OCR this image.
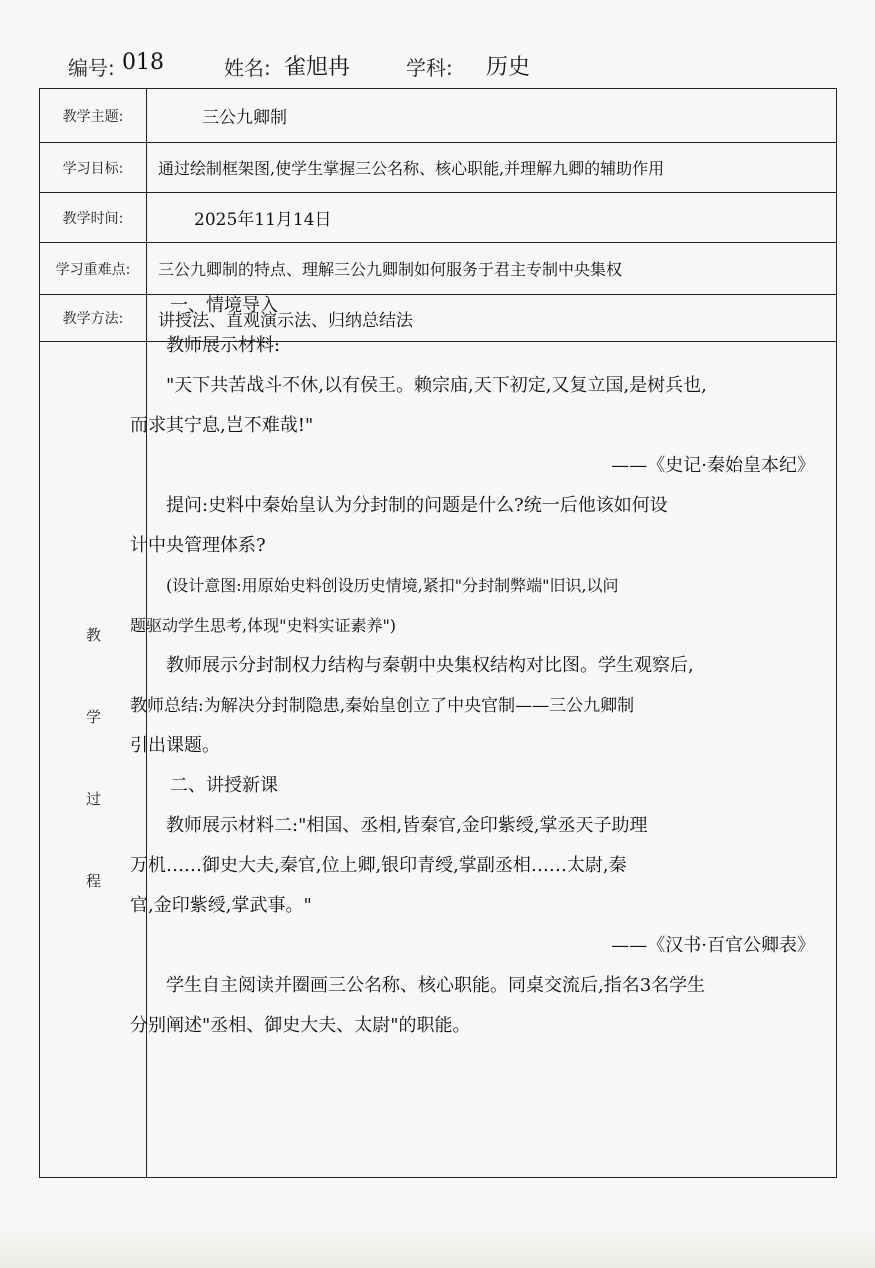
编号: 018	姓名: 雀旭冉	学科: 历史
教学主题:	三公九卿制
学习目标:	通过绘制框架图,使学生掌握三公名称、核心职能,并理解九卿的辅助作用
教学时间:	2025年11月14日
学习重难点:	三公九卿制的特点、理解三公九卿制如何服务于君主专制中央集权
教学方法:	讲授法、直观演示法、归纳总结法
教
学
过
程

一、情境导入

教师展示材料:

"天下共苦战斗不休,以有侯王。赖宗庙,天下初定,又复立国,是树兵也,

而求其宁息,岂不难哉!"

——《史记·秦始皇本纪》

提问:史料中秦始皇认为分封制的问题是什么?统一后他该如何设

计中央管理体系?

(设计意图:用原始史料创设历史情境,紧扣"分封制弊端"旧识,以问

题驱动学生思考,体现"史料实证素养")

教师展示分封制权力结构与秦朝中央集权结构对比图。学生观察后,

教师总结:为解决分封制隐患,秦始皇创立了中央官制——三公九卿制

引出课题。

二、讲授新课

教师展示材料二:"相国、丞相,皆秦官,金印紫绶,掌丞天子助理

万机……御史大夫,秦官,位上卿,银印青绶,掌副丞相……太尉,秦

官,金印紫绶,掌武事。"

——《汉书·百官公卿表》

学生自主阅读并圈画三公名称、核心职能。同桌交流后,指名3名学生

分别阐述"丞相、御史大夫、太尉"的职能。
